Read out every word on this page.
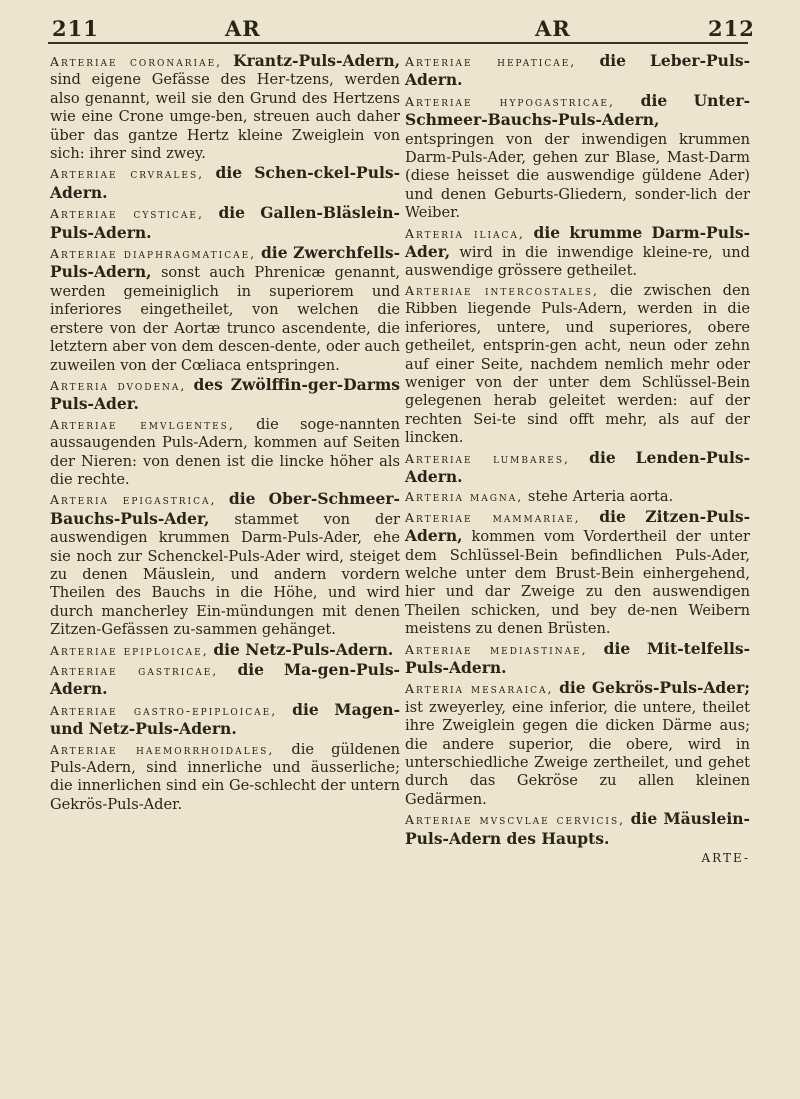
211	AR	AR	212

Arteriae coronariae, Krantz-Puls-Adern, sind eigene Gefässe des Her-tzens, werden also genannt, weil sie den Grund des Hertzens wie eine Crone umge-ben, streuen auch daher über das gantze Hertz kleine Zweiglein von sich: ihrer sind zwey.

Arteriae crvrales, die Schen-ckel-Puls-Adern.

Arteriae cysticae, die Gallen-Bläslein-Puls-Adern.

Arteriae diaphragmaticae, die Zwerchfells-Puls-Adern, sonst auch Phrenicæ genannt, werden gemeiniglich in superiorem und inferiores eingetheilet, von welchen die erstere von der Aortæ trunco ascendente, die letztern aber von dem descen-dente, oder auch zuweilen von der Cœliaca entspringen.

Arteria dvodena, des Zwölffin-ger-Darms Puls-Ader.

Arteriae emvlgentes, die soge-nannten aussaugenden Puls-Adern, kommen auf Seiten der Nieren: von denen ist die lincke höher als die rechte.

Arteria epigastrica, die Ober-Schmeer-Bauchs-Puls-Ader, stammet von der auswendigen krummen Darm-Puls-Ader, ehe sie noch zur Schenckel-Puls-Ader wird, steiget zu denen Mäuslein, und andern vordern Theilen des Bauchs in die Höhe, und wird durch mancherley Ein-mündungen mit denen Zitzen-Gefässen zu-sammen gehänget.

Arteriae epiploicae, die Netz-Puls-Adern.

Arteriae gastricae, die Ma-gen-Puls-Adern.

Arteriae gastro-epiploicae, die Magen- und Netz-Puls-Adern.

Arteriae haemorrhoidales, die güldenen Puls-Adern, sind innerliche und äusserliche; die innerlichen sind ein Ge-schlecht der untern Gekrös-Puls-Ader.

Arteriae hepaticae, die Leber-Puls-Adern.

Arteriae hypogastricae, die Unter-Schmeer-Bauchs-Puls-Adern, entspringen von der inwendigen krummen Darm-Puls-Ader, gehen zur Blase, Mast-Darm (diese heisset die auswendige güldene Ader) und denen Geburts-Gliedern, sonder-lich der Weiber.

Arteria iliaca, die krumme Darm-Puls-Ader, wird in die inwendige kleine-re, und auswendige grössere getheilet.

Arteriae intercostales, die zwischen den Ribben liegende Puls-Adern, werden in die inferiores, untere, und superiores, obere getheilet, entsprin-gen acht, neun oder zehn auf einer Seite, nachdem nemlich mehr oder weniger von der unter dem Schlüssel-Bein gelegenen herab geleitet werden: auf der rechten Sei-te sind offt mehr, als auf der lincken.

Arteriae lumbares, die Lenden-Puls-Adern.

Arteria magna, stehe Arteria aorta.

Arteriae mammariae, die Zitzen-Puls-Adern, kommen vom Vordertheil der unter dem Schlüssel-Bein befindlichen Puls-Ader, welche unter dem Brust-Bein einhergehend, hier und dar Zweige zu den auswendigen Theilen schicken, und bey de-nen Weibern meistens zu denen Brüsten.

Arteriae mediastinae, die Mit-telfells-Puls-Adern.

Arteria mesaraica, die Gekrös-Puls-Ader; ist zweyerley, eine inferior, die untere, theilet ihre Zweiglein gegen die dicken Därme aus; die andere superior, die obere, wird in unterschiedliche Zweige zertheilet, und gehet durch das Gekröse zu allen kleinen Gedärmen.

Arteriae mvscvlae cervicis, die Mäuslein-Puls-Adern des Haupts.

ARTE-
